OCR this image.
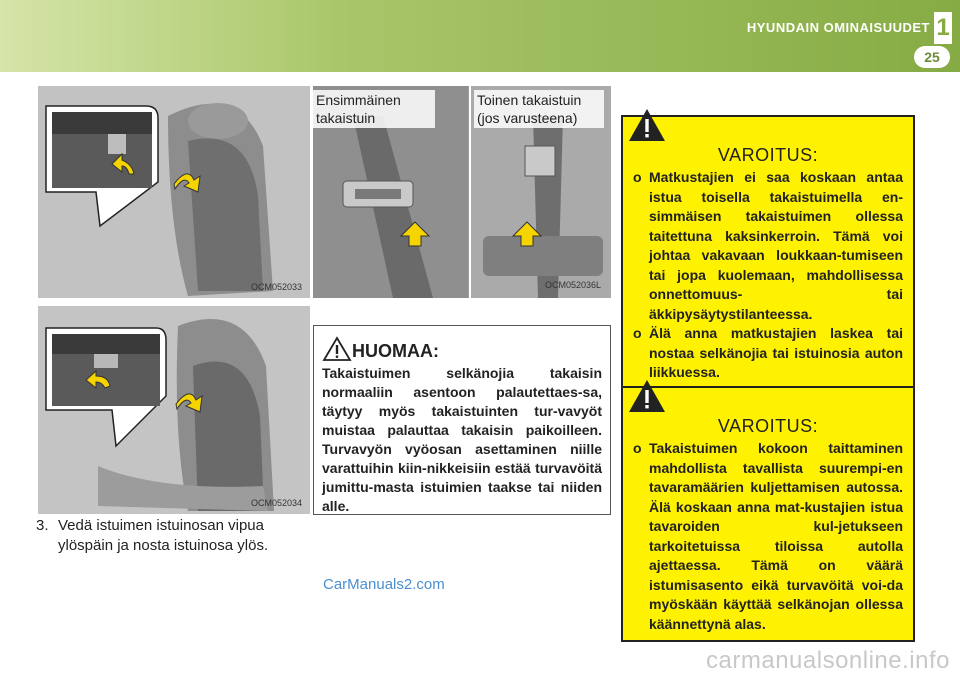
HYUNDAIN OMINAISUUDET 1
25
OCM052033
OCM052034
Ensimmäinen takaistuin
Toinen takaistuin (jos varusteena)
OCM052036L
3. Vedä istuimen istuinosan vipua ylöspäin ja nosta istuinosa ylös.
HUOMAA:
Takaistuimen selkänojia takaisin normaaliin asentoon palautettaes-sa, täytyy myös takaistuinten tur-vavyöt muistaa palauttaa takaisin paikoilleen. Turvavyön vyöosan asettaminen niille varattuihin kiin-nikkeisiin estää turvavöitä jumittu-masta istuimien taakse tai niiden alle.
VAROITUS:
o Matkustajien ei saa koskaan antaa istua toisella takaistuimella en-simmäisen takaistuimen ollessa taitettuna kaksinkerroin. Tämä voi johtaa vakavaan loukkaan-tumiseen tai jopa kuolemaan, mahdollisessa onnettomuus- tai äkkipysäytystilanteessa.
o Älä anna matkustajien laskea tai nostaa selkänojia tai istuinosia auton liikkuessa.
VAROITUS:
o Takaistuimen kokoon taittaminen mahdollista tavallista suurempi-en tavaramäärien kuljettamisen autossa. Älä koskaan anna mat-kustajien istua tavaroiden kul-jetukseen tarkoitetuissa tiloissa autolla ajettaessa. Tämä on väärä istumisasento eikä turvavöitä voi-da myöskään käyttää selkänojan ollessa käännettynä alas.
CarManuals2.com
carmanualsonline.info
